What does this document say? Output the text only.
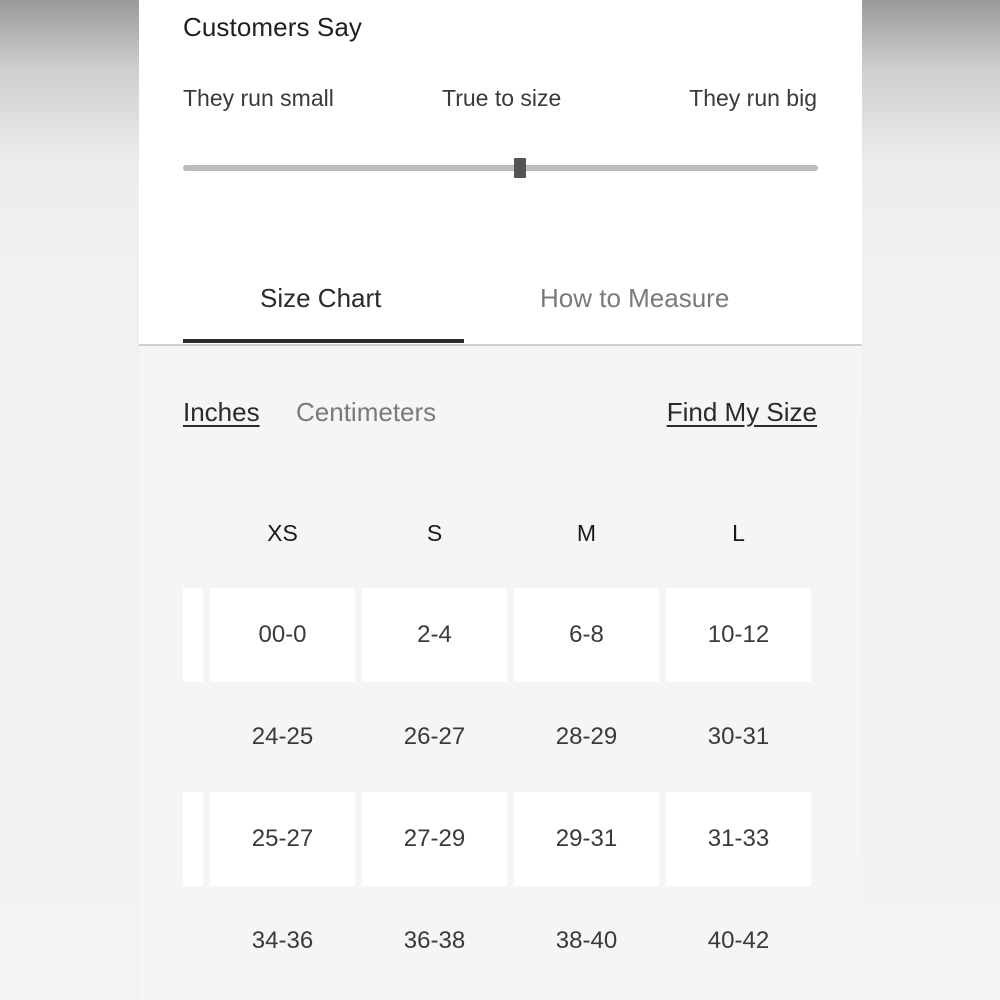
Customers Say
They run small	True to size	They run big
Size Chart	How to Measure
Inches Centimeters	Find My Size
XS	S	M	L
00-0	2-4	6-8	10-12
24-25	26-27	28-29	30-31
25-27	27-29	29-31	31-33
34-36	36-38	38-40	40-42
